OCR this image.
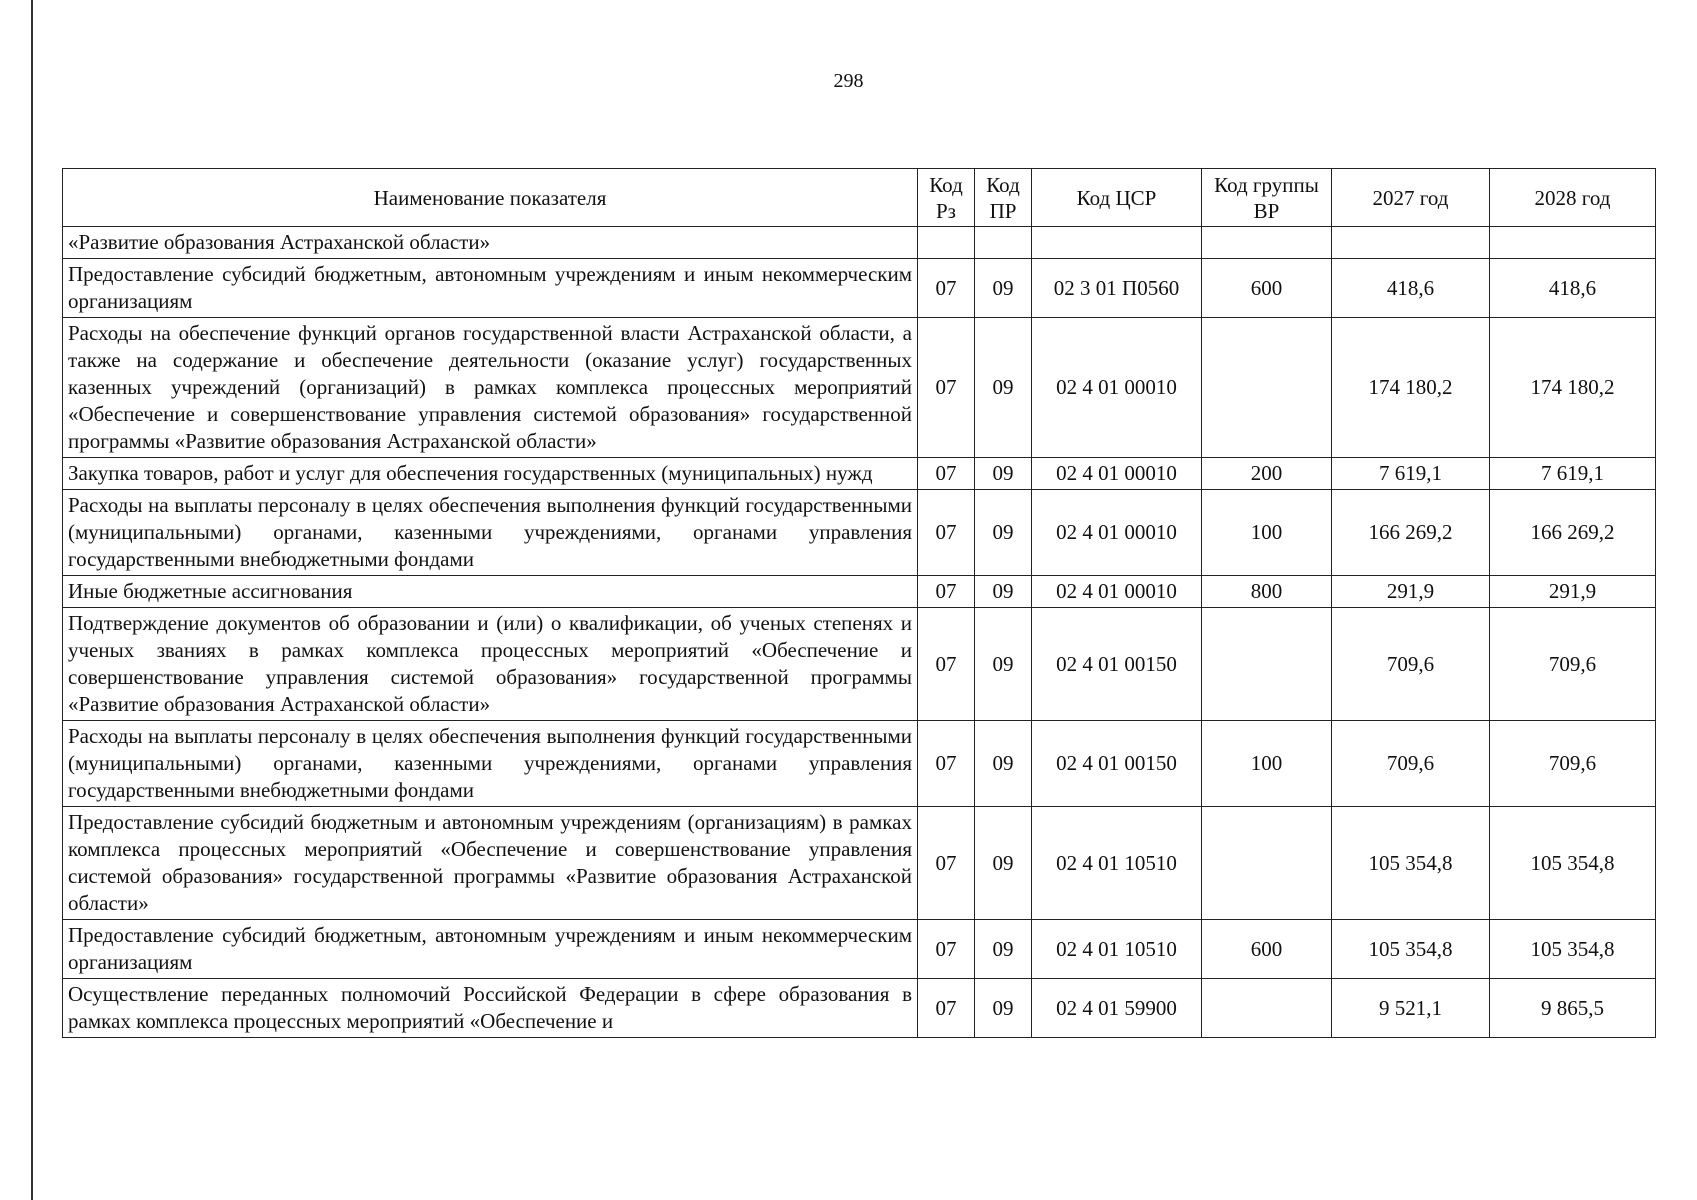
298
Наименование показателя	Код Рз	Код ПР	Код ЦСР	Код группы ВР	2027 год	2028 год
«Развитие образования Астраханской области»						
Предоставление субсидий бюджетным, автономным учреждениям и иным некоммерческим организациям	07	09	02 3 01 П0560	600	418,6	418,6
Расходы на обеспечение функций органов государственной власти Астраханской области, а также на содержание и обеспечение деятельности (оказание услуг) государственных казенных учреждений (организаций) в рамках комплекса процессных мероприятий «Обеспечение и совершенствование управления системой образования» государственной программы «Развитие образования Астраханской области»	07	09	02 4 01 00010		174 180,2	174 180,2
Закупка товаров, работ и услуг для обеспечения государственных (муниципальных) нужд	07	09	02 4 01 00010	200	7 619,1	7 619,1
Расходы на выплаты персоналу в целях обеспечения выполнения функций государственными (муниципальными) органами, казенными учреждениями, органами управления государственными внебюджетными фондами	07	09	02 4 01 00010	100	166 269,2	166 269,2
Иные бюджетные ассигнования	07	09	02 4 01 00010	800	291,9	291,9
Подтверждение документов об образовании и (или) о квалификации, об ученых степенях и ученых званиях в рамках комплекса процессных мероприятий «Обеспечение и совершенствование управления системой образования» государственной программы «Развитие образования Астраханской области»	07	09	02 4 01 00150		709,6	709,6
Расходы на выплаты персоналу в целях обеспечения выполнения функций государственными (муниципальными) органами, казенными учреждениями, органами управления государственными внебюджетными фондами	07	09	02 4 01 00150	100	709,6	709,6
Предоставление субсидий бюджетным и автономным учреждениям (организациям) в рамках комплекса процессных мероприятий «Обеспечение и совершенствование управления системой образования» государственной программы «Развитие образования Астраханской области»	07	09	02 4 01 10510		105 354,8	105 354,8
Предоставление субсидий бюджетным, автономным учреждениям и иным некоммерческим организациям	07	09	02 4 01 10510	600	105 354,8	105 354,8
Осуществление переданных полномочий Российской Федерации в сфере образования в рамках комплекса процессных мероприятий «Обеспечение и	07	09	02 4 01 59900		9 521,1	9 865,5
